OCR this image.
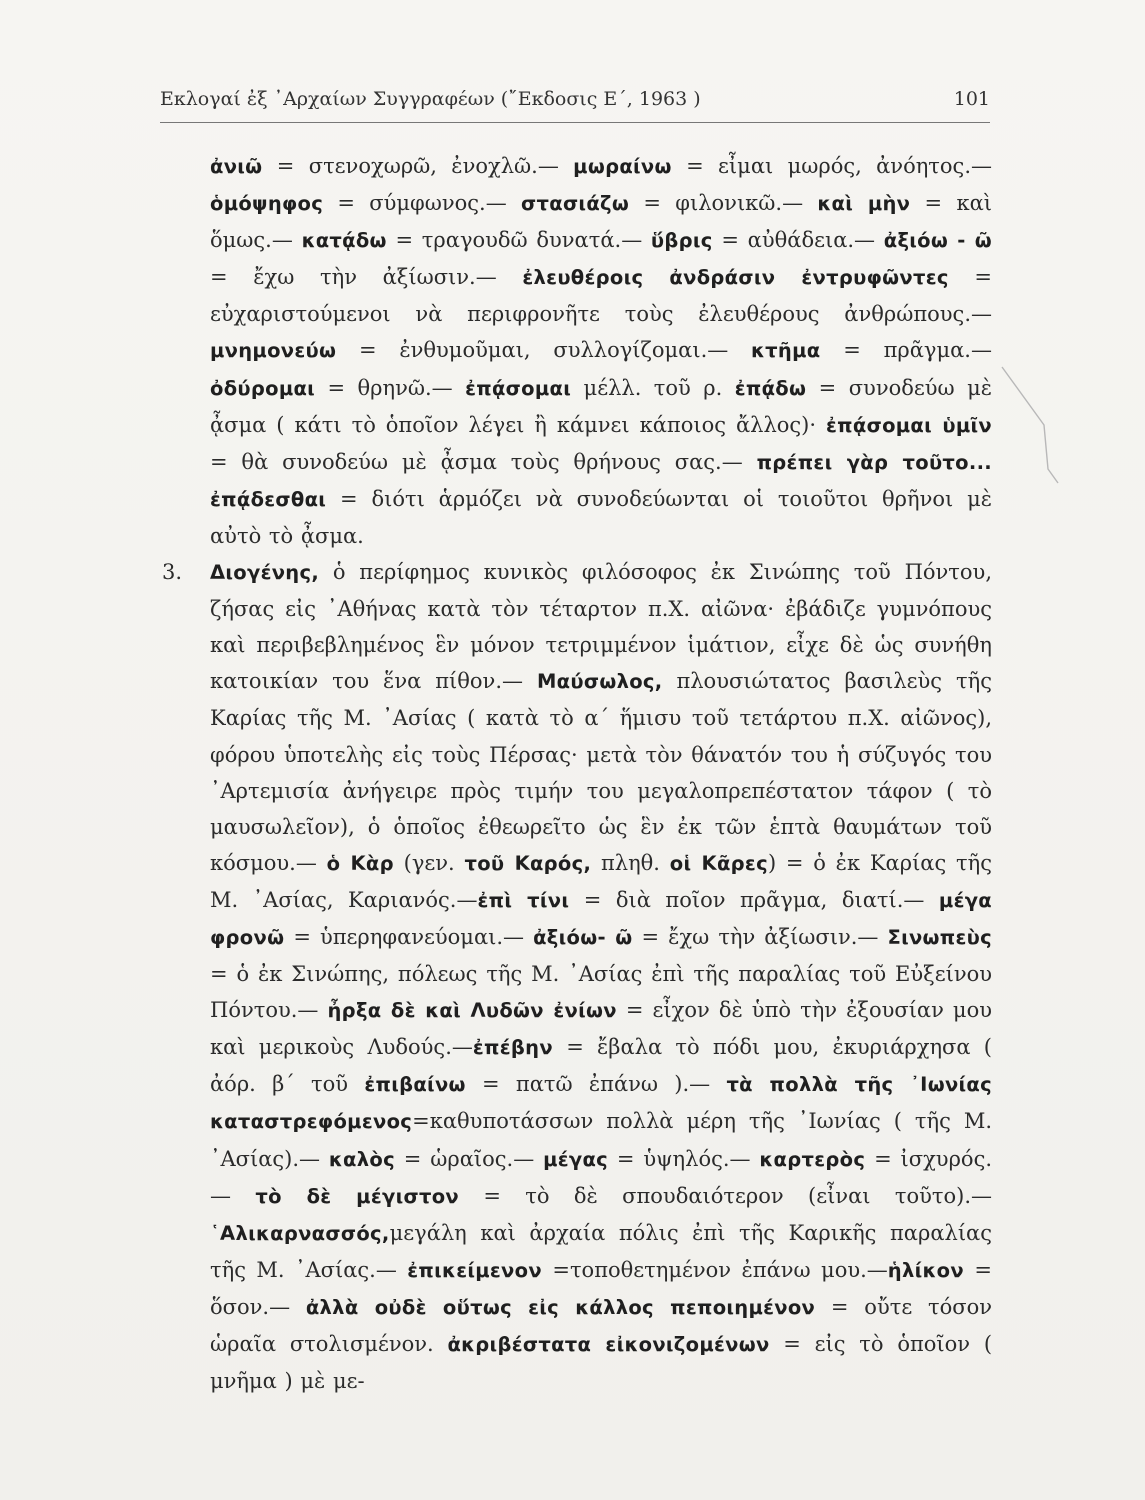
Εκλογαί ἐξ ᾿Αρχαίων Συγγραφέων (῎Εκδοσις Ε΄, 1963 )	101

ἀνιῶ = στενοχωρῶ, ἐνοχλῶ.— μωραίνω = εἶμαι μωρός, ἀνόητος.— ὁμόψηφος = σύμφωνος.— στασιάζω = φιλονικῶ.— καὶ μὴν = καὶ ὅμως.— κατᾴδω = τραγουδῶ δυνατά.— ὕβρις = αὐθάδεια.— ἀξιόω - ῶ = ἔχω τὴν ἀξίωσιν.— ἐλευθέροις ἀνδράσιν ἐντρυφῶντες = εὐχαριστούμενοι νὰ περιφρονῆτε τοὺς ἐλευθέρους ἀνθρώπους.— μνημονεύω = ἐνθυμοῦμαι, συλλογίζομαι.— κτῆμα = πρᾶγμα.— ὀδύρομαι = θρηνῶ.— ἐπᾴσομαι μέλλ. τοῦ ρ. ἐπᾴδω = συνοδεύω μὲ ᾆσμα ( κάτι τὸ ὁποῖον λέγει ἢ κάμνει κάποιος ἄλλος)· ἐπᾴσομαι ὑμῖν = θὰ συνοδεύω μὲ ᾆσμα τοὺς θρήνους σας.— πρέπει γὰρ τοῦτο... ἐπᾴδεσθαι = διότι ἁρμόζει νὰ συνοδεύωνται οἱ τοιοῦτοι θρῆνοι μὲ αὐτὸ τὸ ᾆσμα.

3. Διογένης, ὁ περίφημος κυνικὸς φιλόσοφος ἐκ Σινώπης τοῦ Πόντου, ζήσας εἰς ᾿Αθήνας κατὰ τὸν τέταρτον π.Χ. αἰῶνα· ἐβάδιζε γυμνόπους καὶ περιβεβλημένος ἓν μόνον τετριμμένον ἱμάτιον, εἶχε δὲ ὡς συνήθη κατοικίαν του ἕνα πίθον.— Μαύσωλος, πλουσιώτατος βασιλεὺς τῆς Καρίας τῆς Μ. ᾿Ασίας ( κατὰ τὸ α΄ ἥμισυ τοῦ τετάρτου π.Χ. αἰῶνος), φόρου ὑποτελὴς εἰς τοὺς Πέρσας· μετὰ τὸν θάνατόν του ἡ σύζυγός του ᾿Αρτεμισία ἀνήγειρε πρὸς τιμήν του μεγαλοπρεπέστατον τάφον ( τὸ μαυσωλεῖον), ὁ ὁποῖος ἐθεωρεῖτο ὡς ἓν ἐκ τῶν ἑπτὰ θαυμάτων τοῦ κόσμου.— ὁ Κὰρ (γεν. τοῦ Καρός, πληθ. οἱ Κᾶρες) = ὁ ἐκ Καρίας τῆς Μ. ᾿Ασίας, Καριανός.—ἐπὶ τίνι = διὰ ποῖον πρᾶγμα, διατί.— μέγα φρονῶ = ὑπερηφανεύομαι.— ἀξιόω- ῶ = ἔχω τὴν ἀξίωσιν.— Σινωπεὺς = ὁ ἐκ Σινώπης, πόλεως τῆς Μ. ᾿Ασίας ἐπὶ τῆς παραλίας τοῦ Εὐξείνου Πόντου.— ἦρξα δὲ καὶ Λυδῶν ἐνίων = εἶχον δὲ ὑπὸ τὴν ἐξουσίαν μου καὶ μερικοὺς Λυδούς.—ἐπέβην = ἔβαλα τὸ πόδι μου, ἐκυριάρχησα ( ἀόρ. β΄ τοῦ ἐπιβαίνω = πατῶ ἐπάνω ).— τὰ πολλὰ τῆς ᾿Ιωνίας καταστρεφόμενος=καθυποτάσσων πολλὰ μέρη τῆς ᾿Ιωνίας ( τῆς Μ. ᾿Ασίας).— καλὸς = ὡραῖος.— μέγας = ὑψηλός.— καρτερὸς = ἰσχυρός.— τὸ δὲ μέγιστον = τὸ δὲ σπουδαιότερον (εἶναι τοῦτο).— ῾Αλικαρνασσός,μεγάλη καὶ ἀρχαία πόλις ἐπὶ τῆς Καρικῆς παραλίας τῆς Μ. ᾿Ασίας.— ἐπικείμενον =τοποθετημένον ἐπάνω μου.—ἡλίκον = ὅσον.— ἀλλὰ οὐδὲ οὕτως εἰς κάλλος πεποιημένον = οὔτε τόσον ὡραῖα στολισμένον. ἀκριβέστατα εἰκονιζομένων = εἰς τὸ ὁποῖον ( μνῆμα ) μὲ με-
